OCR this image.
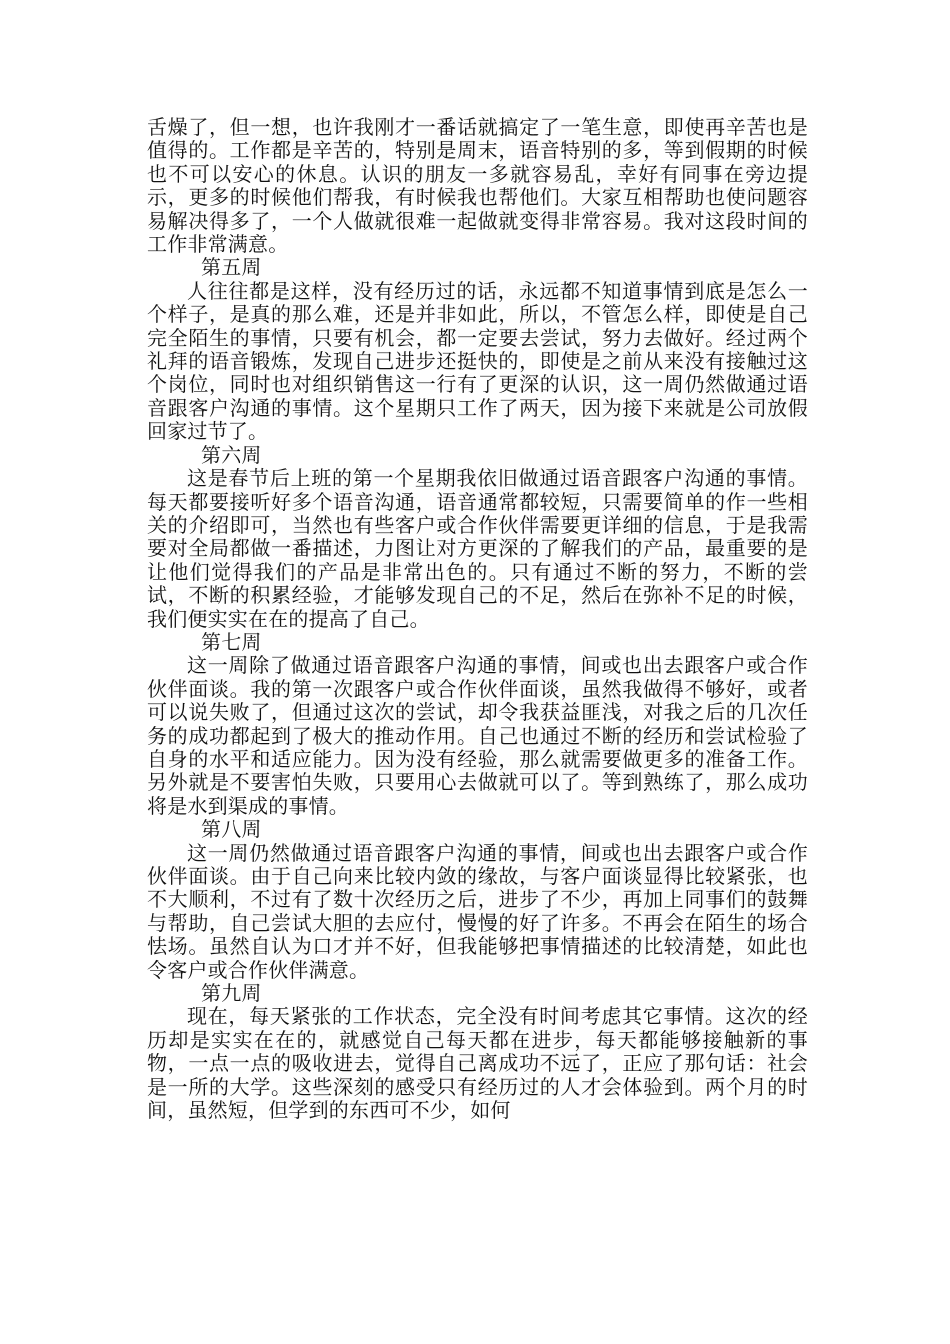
舌燥了，但一想，也许我刚才一番话就搞定了一笔生意，即使再辛苦也是值得的。工作都是辛苦的，特别是周末，语音特别的多，等到假期的时候也不可以安心的休息。认识的朋友一多就容易乱，幸好有同事在旁边提示，更多的时候他们帮我，有时候我也帮他们。大家互相帮助也使问题容易解决得多了，一个人做就很难一起做就变得非常容易。我对这段时间的工作非常满意。

第五周

人往往都是这样，没有经历过的话，永远都不知道事情到底是怎么一个样子，是真的那么难，还是并非如此，所以，不管怎么样，即使是自己完全陌生的事情，只要有机会，都一定要去尝试，努力去做好。经过两个礼拜的语音锻炼，发现自己进步还挺快的，即使是之前从来没有接触过这个岗位，同时也对组织销售这一行有了更深的认识，这一周仍然做通过语音跟客户沟通的事情。这个星期只工作了两天，因为接下来就是公司放假回家过节了。

第六周

这是春节后上班的第一个星期我依旧做通过语音跟客户沟通的事情。每天都要接听好多个语音沟通，语音通常都较短，只需要简单的作一些相关的介绍即可，当然也有些客户或合作伙伴需要更详细的信息，于是我需要对全局都做一番描述，力图让对方更深的了解我们的产品，最重要的是让他们觉得我们的产品是非常出色的。只有通过不断的努力，不断的尝试，不断的积累经验，才能够发现自己的不足，然后在弥补不足的时候，我们便实实在在的提高了自己。

第七周

这一周除了做通过语音跟客户沟通的事情，间或也出去跟客户或合作伙伴面谈。我的第一次跟客户或合作伙伴面谈，虽然我做得不够好，或者可以说失败了，但通过这次的尝试，却令我获益匪浅，对我之后的几次任务的成功都起到了极大的推动作用。自己也通过不断的经历和尝试检验了自身的水平和适应能力。因为没有经验，那么就需要做更多的准备工作。另外就是不要害怕失败，只要用心去做就可以了。等到熟练了，那么成功将是水到渠成的事情。

第八周

这一周仍然做通过语音跟客户沟通的事情，间或也出去跟客户或合作伙伴面谈。由于自己向来比较内敛的缘故，与客户面谈显得比较紧张，也不大顺利，不过有了数十次经历之后，进步了不少，再加上同事们的鼓舞与帮助，自己尝试大胆的去应付，慢慢的好了许多。不再会在陌生的场合怯场。虽然自认为口才并不好，但我能够把事情描述的比较清楚，如此也令客户或合作伙伴满意。

第九周

现在，每天紧张的工作状态，完全没有时间考虑其它事情。这次的经历却是实实在在的，就感觉自己每天都在进步，每天都能够接触新的事物，一点一点的吸收进去，觉得自己离成功不远了，正应了那句话：社会是一所的大学。这些深刻的感受只有经历过的人才会体验到。两个月的时间，虽然短，但学到的东西可不少，如何
